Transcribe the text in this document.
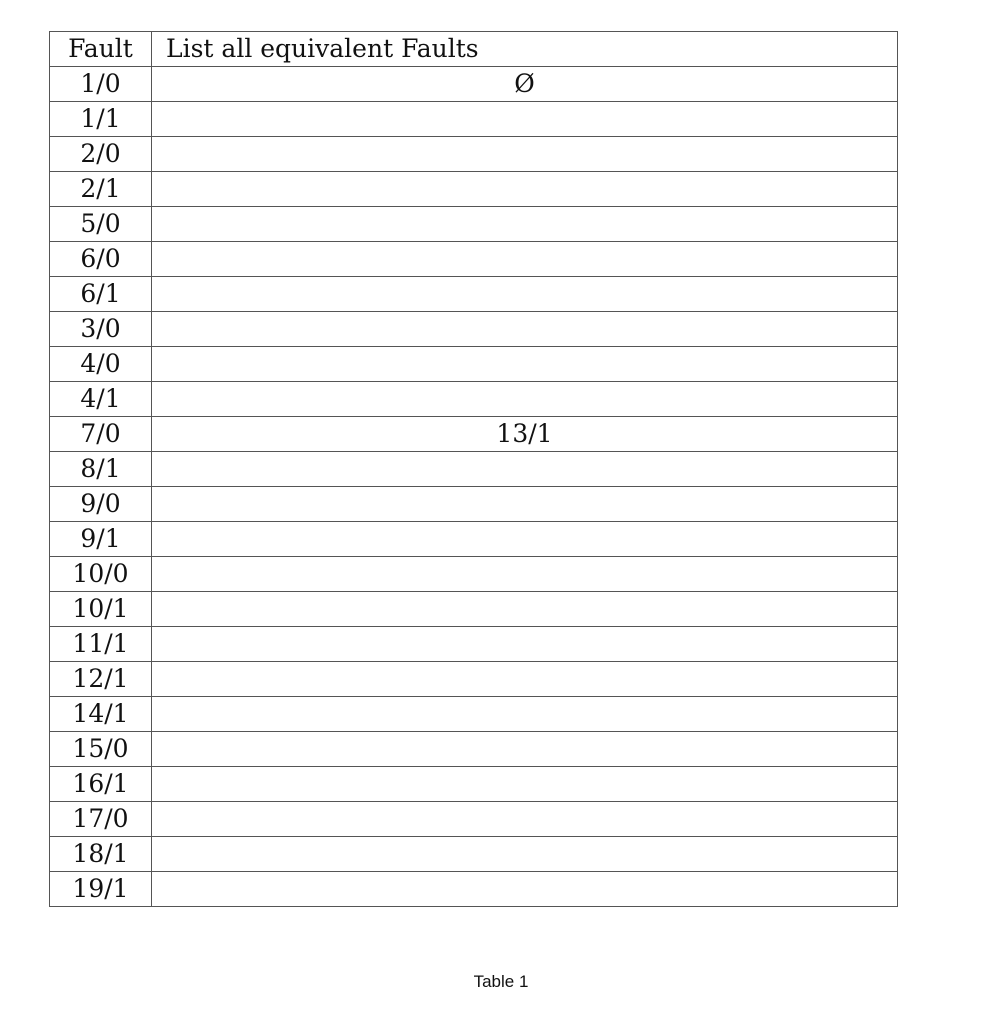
Fault	List all equivalent Faults
1/0	Ø
1/1	
2/0	
2/1	
5/0	
6/0	
6/1	
3/0	
4/0	
4/1	
7/0	13/1
8/1	
9/0	
9/1	
10/0	
10/1	
11/1	
12/1	
14/1	
15/0	
16/1	
17/0	
18/1	
19/1	
Table 1
